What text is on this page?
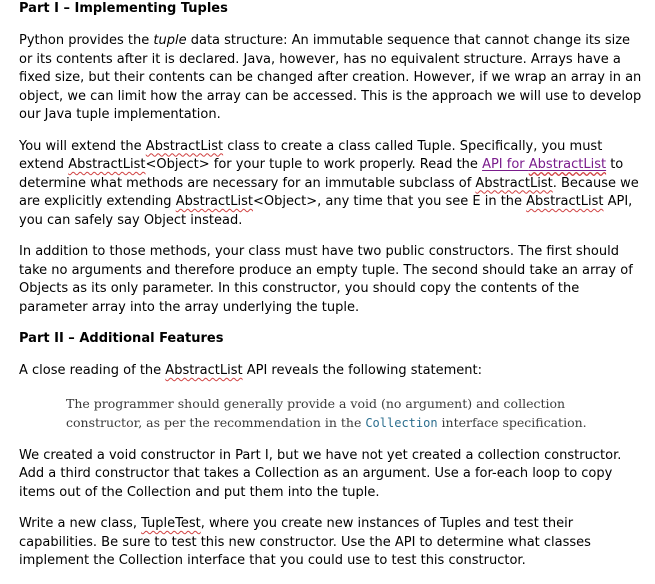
Part I – Implementing Tuples

Python provides the tuple data structure: An immutable sequence that cannot change its size or its contents after it is declared. Java, however, has no equivalent structure. Arrays have a fixed size, but their contents can be changed after creation. However, if we wrap an array in an object, we can limit how the array can be accessed. This is the approach we will use to develop our Java tuple implementation.

You will extend the AbstractList class to create a class called Tuple. Specifically, you must extend AbstractList<Object> for your tuple to work properly. Read the API for AbstractList to determine what methods are necessary for an immutable subclass of AbstractList. Because we are explicitly extending AbstractList<Object>, any time that you see E in the AbstractList API, you can safely say Object instead.

In addition to those methods, your class must have two public constructors. The first should take no arguments and therefore produce an empty tuple. The second should take an array of Objects as its only parameter. In this constructor, you should copy the contents of the parameter array into the array underlying the tuple.

Part II – Additional Features

A close reading of the AbstractList API reveals the following statement:

The programmer should generally provide a void (no argument) and collection constructor, as per the recommendation in the Collection interface specification.

We created a void constructor in Part I, but we have not yet created a collection constructor. Add a third constructor that takes a Collection as an argument. Use a for-each loop to copy items out of the Collection and put them into the tuple.

Write a new class, TupleTest, where you create new instances of Tuples and test their capabilities. Be sure to test this new constructor. Use the API to determine what classes implement the Collection interface that you could use to test this constructor.
